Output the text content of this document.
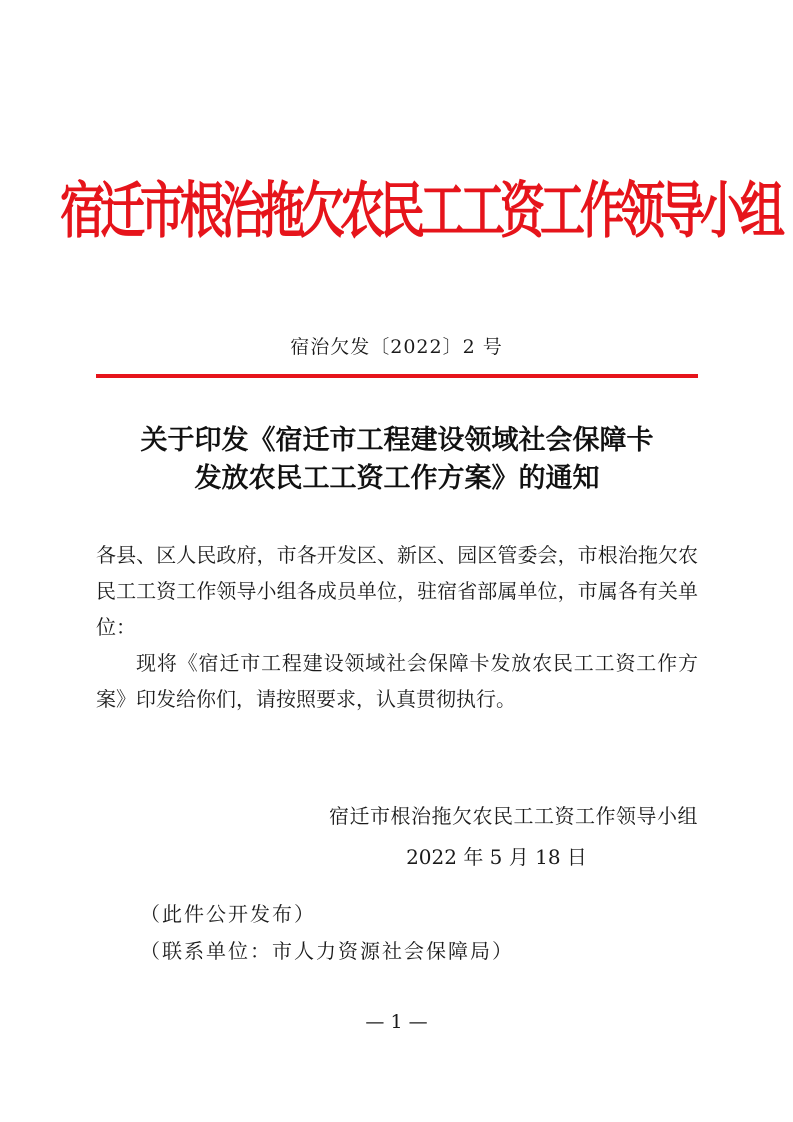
宿迁市根治拖欠农民工工资工作领导小组
宿治欠发〔2022〕2 号
关于印发《宿迁市工程建设领域社会保障卡
发放农民工工资工作方案》的通知

各县、区人民政府，市各开发区、新区、园区管委会，市根治拖欠农民工工资工作领导小组各成员单位，驻宿省部属单位，市属各有关单位：

现将《宿迁市工程建设领域社会保障卡发放农民工工资工作方案》印发给你们，请按照要求，认真贯彻执行。

宿迁市根治拖欠农民工工资工作领导小组
2022 年 5 月 18 日
（此件公开发布）
（联系单位：市人力资源社会保障局）
— 1 —
